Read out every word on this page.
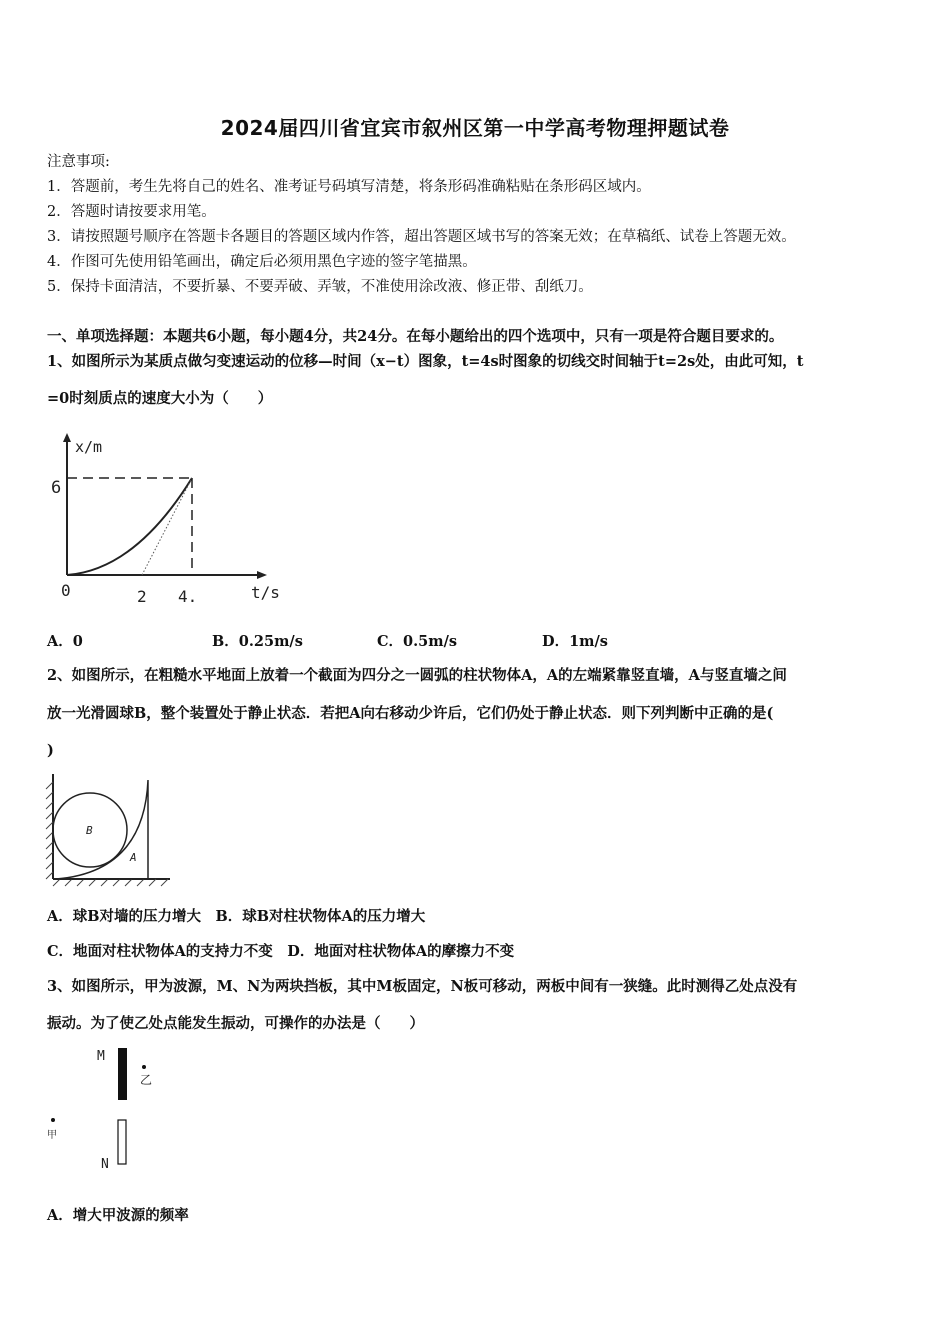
2024届四川省宜宾市叙州区第一中学高考物理押题试卷
注意事项:
1．答题前，考生先将自己的姓名、准考证号码填写清楚，将条形码准确粘贴在条形码区域内。
2．答题时请按要求用笔。
3．请按照题号顺序在答题卡各题目的答题区域内作答，超出答题区域书写的答案无效；在草稿纸、试卷上答题无效。
4．作图可先使用铅笔画出，确定后必须用黑色字迹的签字笔描黑。
5．保持卡面清洁，不要折暴、不要弄破、弄皱，不准使用涂改液、修正带、刮纸刀。
一、单项选择题：本题共6小题，每小题4分，共24分。在每小题给出的四个选项中，只有一项是符合题目要求的。
1、如图所示为某质点做匀变速运动的位移—时间（x−t）图象，t=4s时图象的切线交时间轴于t=2s处，由此可知，t
=0时刻质点的速度大小为（　　）
x/m
6
0	2 4.	t/s
A．0	B．0.25m/s	C．0.5m/s	D．1m/s
2、如图所示，在粗糙水平地面上放着一个截面为四分之一圆弧的柱状物体A，A的左端紧靠竖直墙，A与竖直墙之间
放一光滑圆球B，整个装置处于静止状态．若把A向右移动少许后，它们仍处于静止状态．则下列判断中正确的是(
)
B
A
A．球B对墙的压力增大　B．球B对柱状物体A的压力增大
C．地面对柱状物体A的支持力不变　D．地面对柱状物体A的摩擦力不变
3、如图所示，甲为波源，M、N为两块挡板，其中M板固定，N板可移动，两板中间有一狭缝。此时测得乙处点没有
振动。为了使乙处点能发生振动，可操作的办法是（　　）
M
乙
甲
N
A．增大甲波源的频率
